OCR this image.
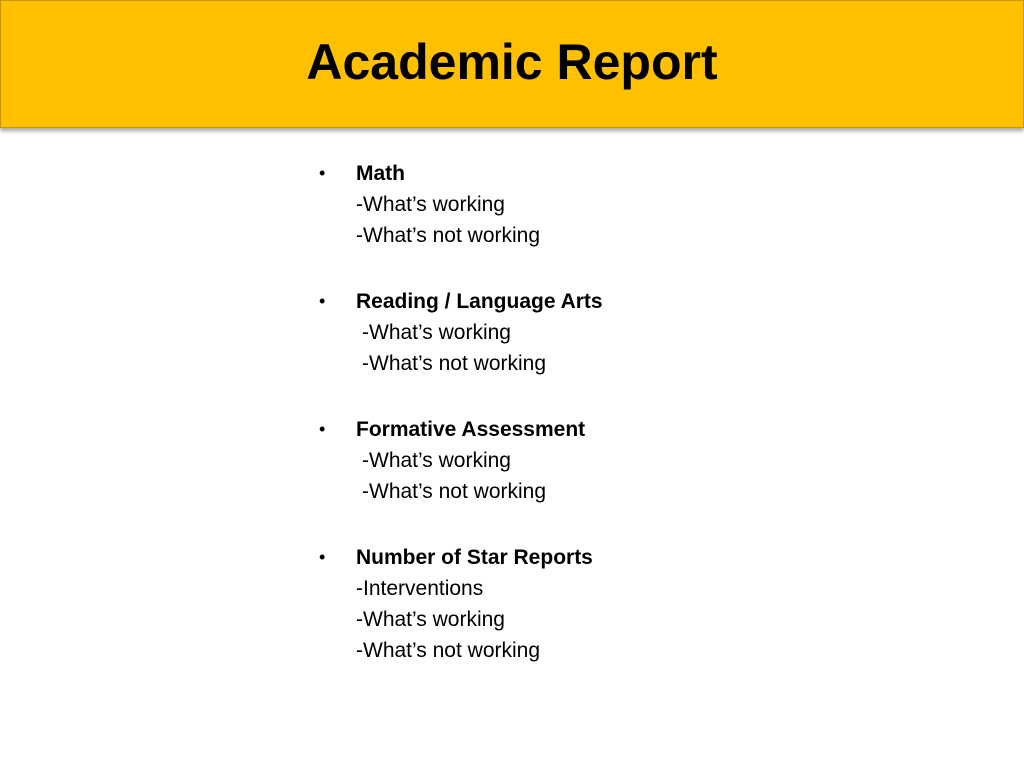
Academic Report
• Math
-What’s working
-What’s not working
• Reading / Language Arts
-What’s working
-What’s not working
• Formative Assessment
-What’s working
-What’s not working
• Number of Star Reports
-Interventions
-What’s working
-What’s not working
